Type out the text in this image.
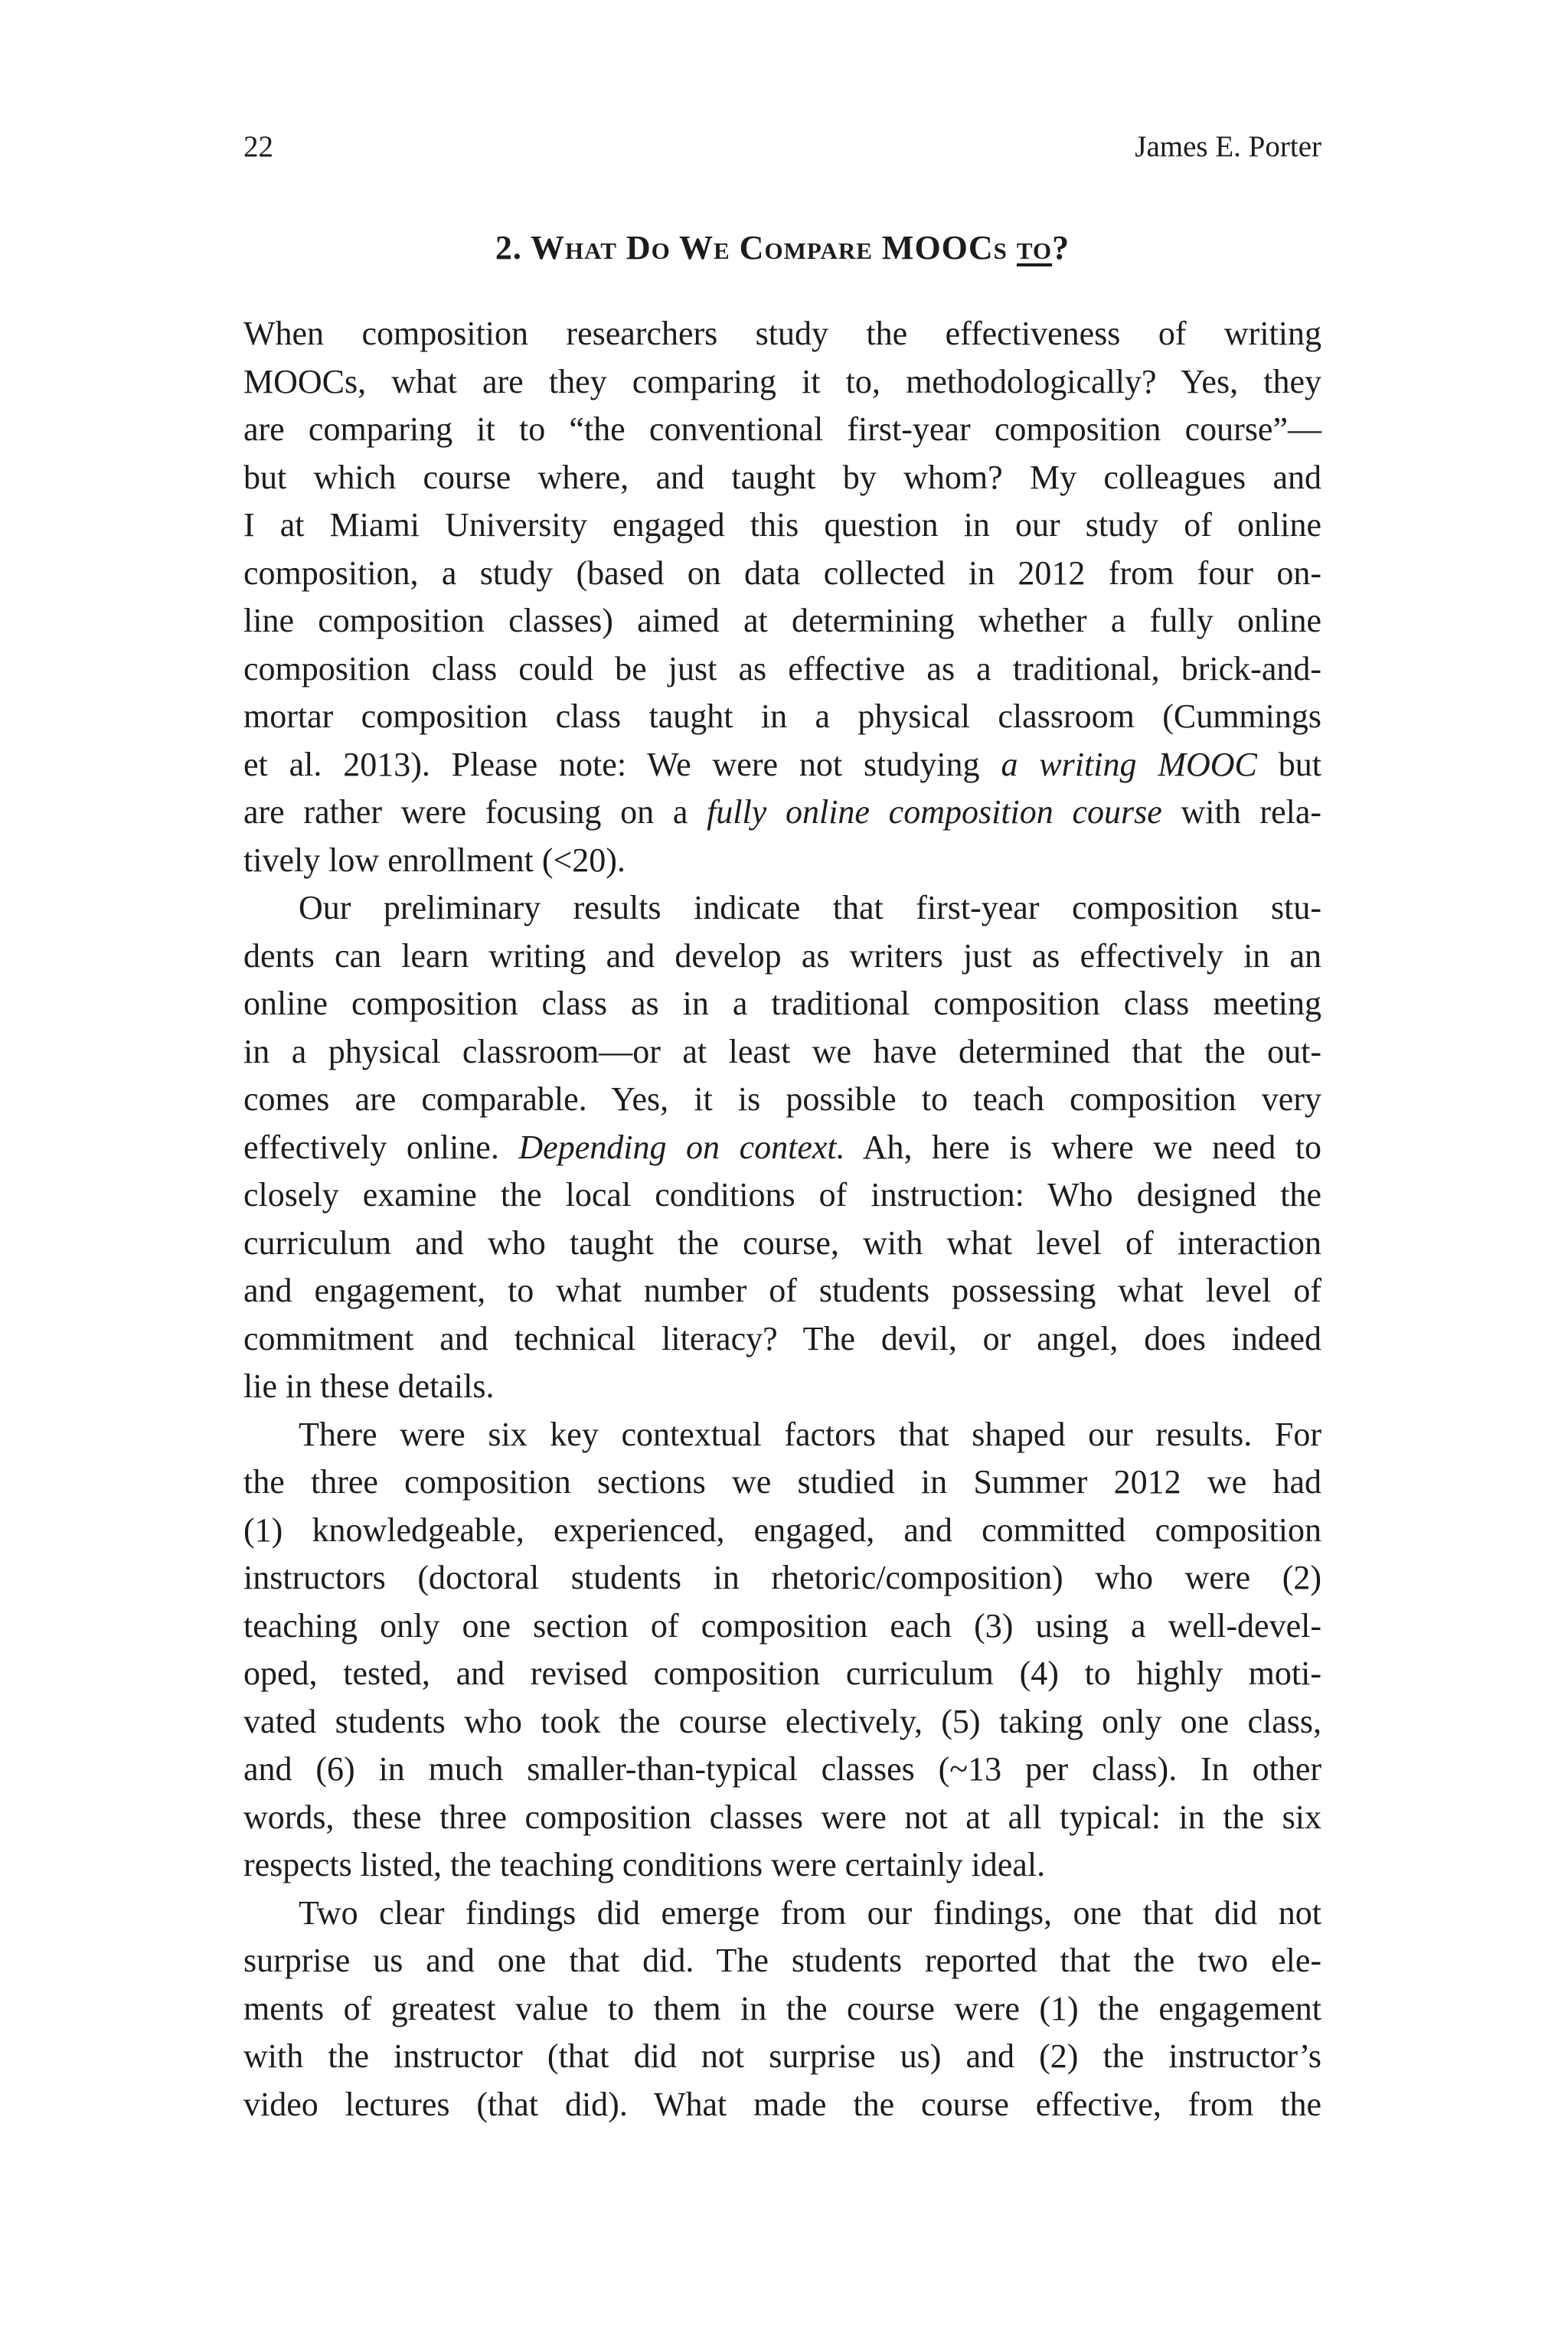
22	James E. Porter
2. What Do We Compare MOOCs to?
When composition researchers study the effectiveness of writing
MOOCs, what are they comparing it to, methodologically? Yes, they
are comparing it to “the conventional first-year composition course”—
but which course where, and taught by whom? My colleagues and
I at Miami University engaged this question in our study of online
composition, a study (based on data collected in 2012 from four on-
line composition classes) aimed at determining whether a fully online
composition class could be just as effective as a traditional, brick-and-
mortar composition class taught in a physical classroom (Cummings
et al. 2013). Please note: We were not studying a writing MOOC but
are rather were focusing on a fully online composition course with rela-
tively low enrollment (<20).
Our preliminary results indicate that first-year composition stu-
dents can learn writing and develop as writers just as effectively in an
online composition class as in a traditional composition class meeting
in a physical classroom—or at least we have determined that the out-
comes are comparable. Yes, it is possible to teach composition very
effectively online. Depending on context. Ah, here is where we need to
closely examine the local conditions of instruction: Who designed the
curriculum and who taught the course, with what level of interaction
and engagement, to what number of students possessing what level of
commitment and technical literacy? The devil, or angel, does indeed
lie in these details.
There were six key contextual factors that shaped our results. For
the three composition sections we studied in Summer 2012 we had
(1) knowledgeable, experienced, engaged, and committed composition
instructors (doctoral students in rhetoric/composition) who were (2)
teaching only one section of composition each (3) using a well-devel-
oped, tested, and revised composition curriculum (4) to highly moti-
vated students who took the course electively, (5) taking only one class,
and (6) in much smaller-than-typical classes (~13 per class). In other
words, these three composition classes were not at all typical: in the six
respects listed, the teaching conditions were certainly ideal.
Two clear findings did emerge from our findings, one that did not
surprise us and one that did. The students reported that the two ele-
ments of greatest value to them in the course were (1) the engagement
with the instructor (that did not surprise us) and (2) the instructor’s
video lectures (that did). What made the course effective, from the
